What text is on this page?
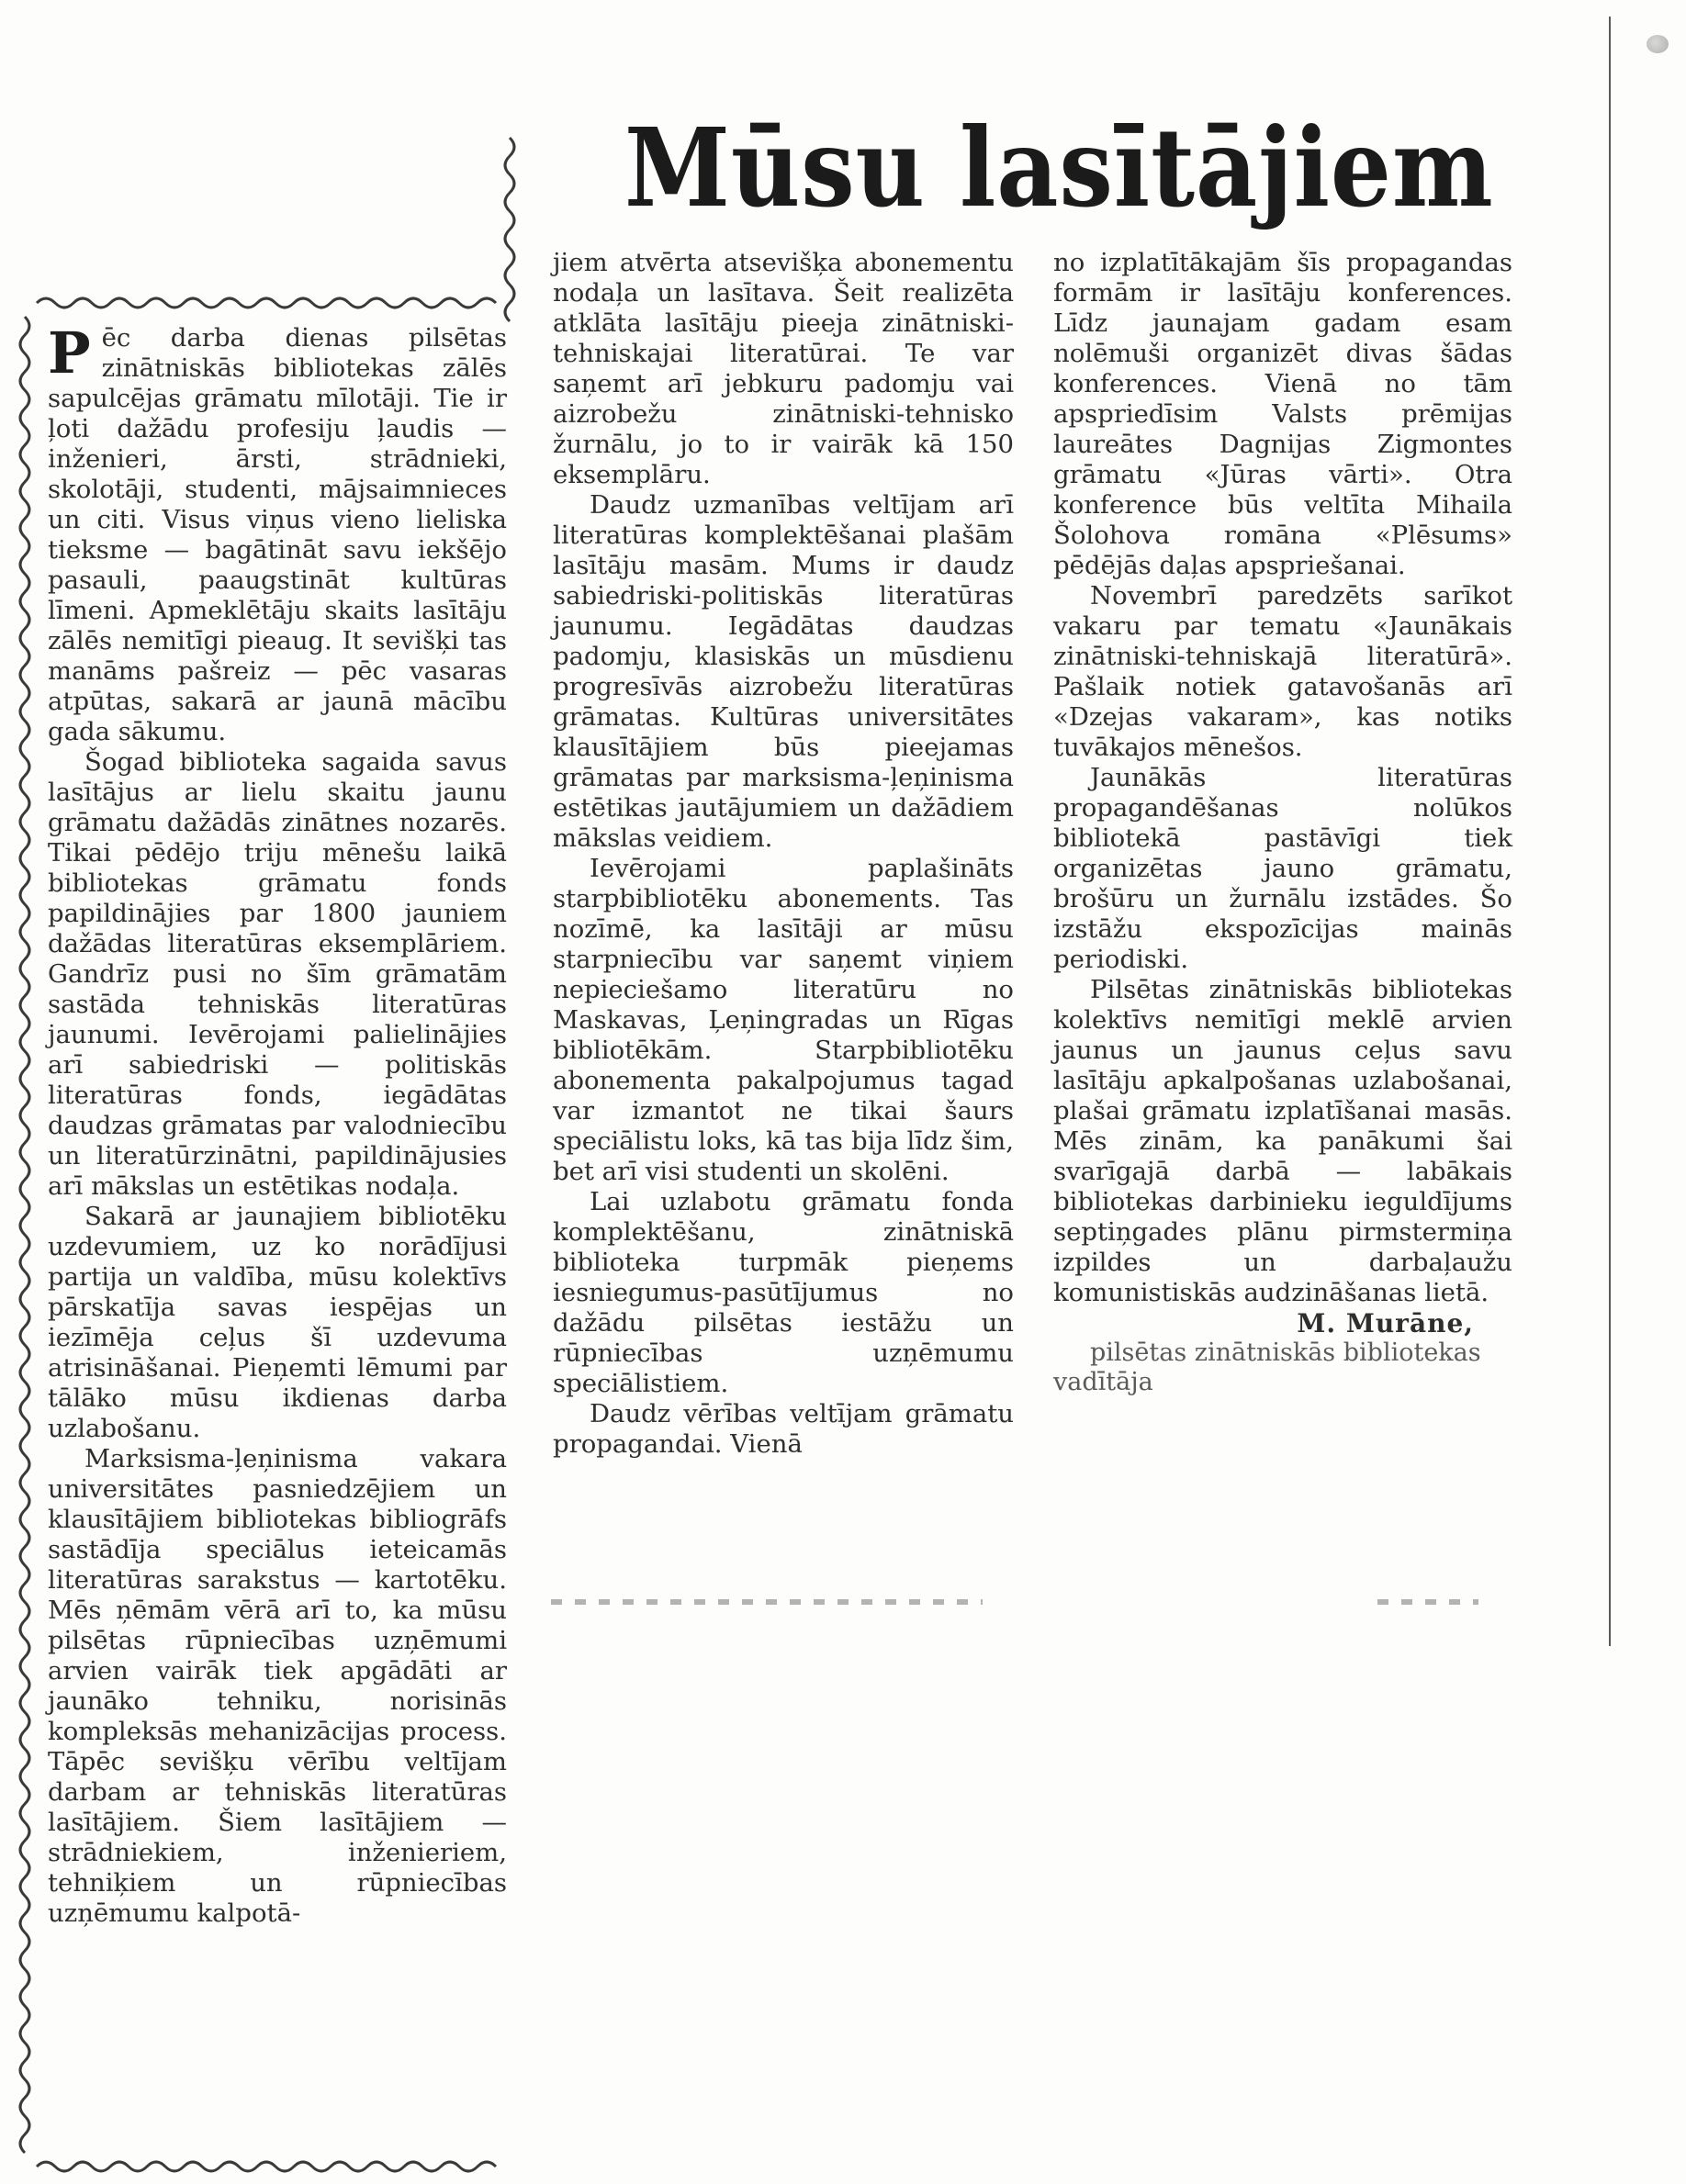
Mūsu lasītājiem

Pēc darba dienas pilsētas zinātniskās bibliotekas zālēs sapulcējas grāmatu mīlotāji. Tie ir ļoti dažādu profesiju ļaudis — inženieri, ārsti, strādnieki, skolotāji, studenti, mājsaimnieces un citi. Visus viņus vieno lieliska tieksme — bagātināt savu iekšējo pasauli, paaugstināt kultūras līmeni. Apmeklētāju skaits lasītāju zālēs nemitīgi pieaug. It sevišķi tas manāms pašreiz — pēc vasaras atpūtas, sakarā ar jaunā mācību gada sākumu.

Šogad biblioteka sagaida savus lasītājus ar lielu skaitu jaunu grāmatu dažādās zinātnes nozarēs. Tikai pēdējo triju mēnešu laikā bibliotekas grāmatu fonds papildinājies par 1800 jauniem dažādas literatūras eksemplāriem. Gandrīz pusi no šīm grāmatām sastāda tehniskās literatūras jaunumi. Ievērojami palielinājies arī sabiedriski — politiskās literatūras fonds, iegādātas daudzas grāmatas par valodniecību un literatūrzinātni, papildinājusies arī mākslas un estētikas nodaļa.

Sakarā ar jaunajiem bibliotēku uzdevumiem, uz ko norādījusi partija un valdība, mūsu kolektīvs pārskatīja savas iespējas un iezīmēja ceļus šī uzdevuma atrisināšanai. Pieņemti lēmumi par tālāko mūsu ikdienas darba uzlabošanu.

Marksisma-ļeņinisma vakara universitātes pasniedzējiem un klausītājiem bibliotekas bibliogrāfs sastādīja speciālus ieteicamās literatūras sarakstus — kartotēku. Mēs ņēmām vērā arī to, ka mūsu pilsētas rūpniecības uzņēmumi arvien vairāk tiek apgādāti ar jaunāko tehniku, norisinās kompleksās mehanizācijas process. Tāpēc sevišķu vērību veltījam darbam ar tehniskās literatūras lasītājiem. Šiem lasītājiem — strādniekiem, inženieriem, tehniķiem un rūpniecības uzņēmumu kalpotā-

jiem atvērta atsevišķa abonementu nodaļa un lasītava. Šeit realizēta atklāta lasītāju pieeja zinātniski-tehniskajai literatūrai. Te var saņemt arī jebkuru padomju vai aizrobežu zinātniski-tehnisko žurnālu, jo to ir vairāk kā 150 eksemplāru.

Daudz uzmanības veltījam arī literatūras komplektēšanai plašām lasītāju masām. Mums ir daudz sabiedriski-politiskās literatūras jaunumu. Iegādātas daudzas padomju, klasiskās un mūsdienu progresīvās aizrobežu literatūras grāmatas. Kultūras universitātes klausītājiem būs pieejamas grāmatas par marksisma-ļeņinisma estētikas jautājumiem un dažādiem mākslas veidiem.

Ievērojami paplašināts starpbibliotēku abonements. Tas nozīmē, ka lasītāji ar mūsu starpniecību var saņemt viņiem nepieciešamo literatūru no Maskavas, Ļeņingradas un Rīgas bibliotēkām. Starpbibliotēku abonementa pakalpojumus tagad var izmantot ne tikai šaurs speciālistu loks, kā tas bija līdz šim, bet arī visi studenti un skolēni.

Lai uzlabotu grāmatu fonda komplektēšanu, zinātniskā biblioteka turpmāk pieņems iesniegumus-pasūtījumus no dažādu pilsētas iestāžu un rūpniecības uzņēmumu speciālistiem.

Daudz vērības veltījam grāmatu propagandai. Vienā

no izplatītākajām šīs propagandas formām ir lasītāju konferences. Līdz jaunajam gadam esam nolēmuši organizēt divas šādas konferences. Vienā no tām apspriedīsim Valsts prēmijas laureātes Dagnijas Zigmontes grāmatu «Jūras vārti». Otra konference būs veltīta Mihaila Šolohova romāna «Plēsums» pēdējās daļas apspriešanai.

Novembrī paredzēts sarīkot vakaru par tematu «Jaunākais zinātniski-tehniskajā literatūrā». Pašlaik notiek gatavošanās arī «Dzejas vakaram», kas notiks tuvākajos mēnešos.

Jaunākās literatūras propagandēšanas nolūkos bibliotekā pastāvīgi tiek organizētas jauno grāmatu, brošūru un žurnālu izstādes. Šo izstāžu ekspozīcijas mainās periodiski.

Pilsētas zinātniskās bibliotekas kolektīvs nemitīgi meklē arvien jaunus un jaunus ceļus savu lasītāju apkalpošanas uzlabošanai, plašai grāmatu izplatīšanai masās. Mēs zinām, ka panākumi šai svarīgajā darbā — labākais bibliotekas darbinieku ieguldījums septiņgades plānu pirmstermiņa izpildes un darbaļaužu komunistiskās audzināšanas lietā.

M. Murāne,

pilsētas zinātniskās bibliotekas vadītāja
